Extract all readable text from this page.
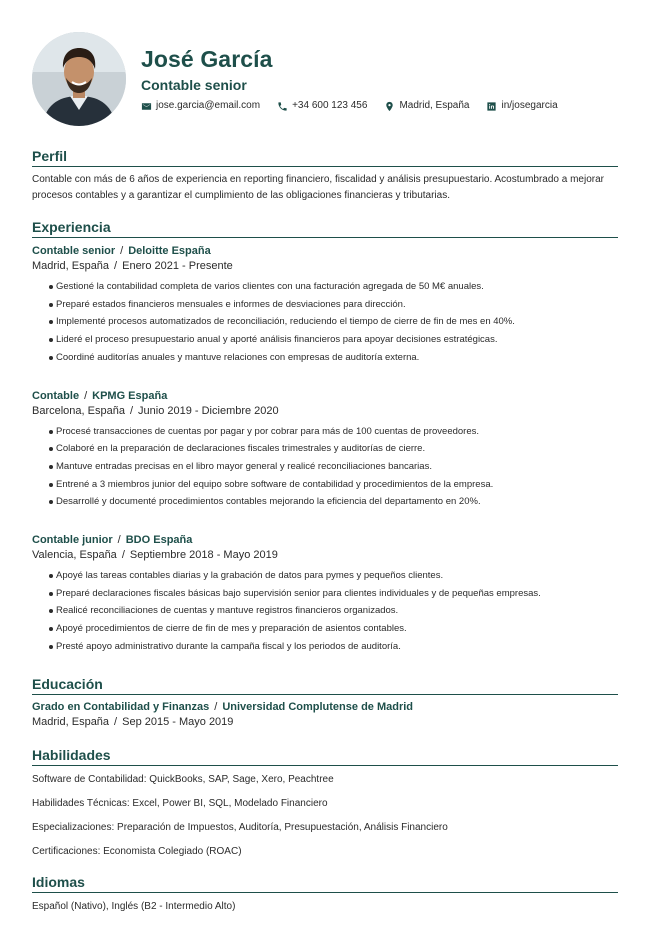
José García
Contable senior
jose.garcia@email.com	+34 600 123 456	Madrid, España	in/josegarcia
Perfil

Contable con más de 6 años de experiencia en reporting financiero, fiscalidad y análisis presupuestario. Acostumbrado a mejorar procesos contables y a garantizar el cumplimiento de las obligaciones financieras y tributarias.

Experiencia
Contable senior / Deloitte España
Madrid, España / Enero 2021 - Presente
Gestioné la contabilidad completa de varios clientes con una facturación agregada de 50 M€ anuales.
Preparé estados financieros mensuales e informes de desviaciones para dirección.
Implementé procesos automatizados de reconciliación, reduciendo el tiempo de cierre de fin de mes en 40%.
Lideré el proceso presupuestario anual y aporté análisis financieros para apoyar decisiones estratégicas.
Coordiné auditorías anuales y mantuve relaciones con empresas de auditoría externa.
Contable / KPMG España
Barcelona, España / Junio 2019 - Diciembre 2020
Procesé transacciones de cuentas por pagar y por cobrar para más de 100 cuentas de proveedores.
Colaboré en la preparación de declaraciones fiscales trimestrales y auditorías de cierre.
Mantuve entradas precisas en el libro mayor general y realicé reconciliaciones bancarias.
Entrené a 3 miembros junior del equipo sobre software de contabilidad y procedimientos de la empresa.
Desarrollé y documenté procedimientos contables mejorando la eficiencia del departamento en 20%.
Contable junior / BDO España
Valencia, España / Septiembre 2018 - Mayo 2019
Apoyé las tareas contables diarias y la grabación de datos para pymes y pequeños clientes.
Preparé declaraciones fiscales básicas bajo supervisión senior para clientes individuales y de pequeñas empresas.
Realicé reconciliaciones de cuentas y mantuve registros financieros organizados.
Apoyé procedimientos de cierre de fin de mes y preparación de asientos contables.
Presté apoyo administrativo durante la campaña fiscal y los periodos de auditoría.
Educación
Grado en Contabilidad y Finanzas / Universidad Complutense de Madrid
Madrid, España / Sep 2015 - Mayo 2019
Habilidades
Software de Contabilidad: QuickBooks, SAP, Sage, Xero, Peachtree
Habilidades Técnicas: Excel, Power BI, SQL, Modelado Financiero
Especializaciones: Preparación de Impuestos, Auditoría, Presupuestación, Análisis Financiero
Certificaciones: Economista Colegiado (ROAC)
Idiomas
Español (Nativo), Inglés (B2 - Intermedio Alto)
